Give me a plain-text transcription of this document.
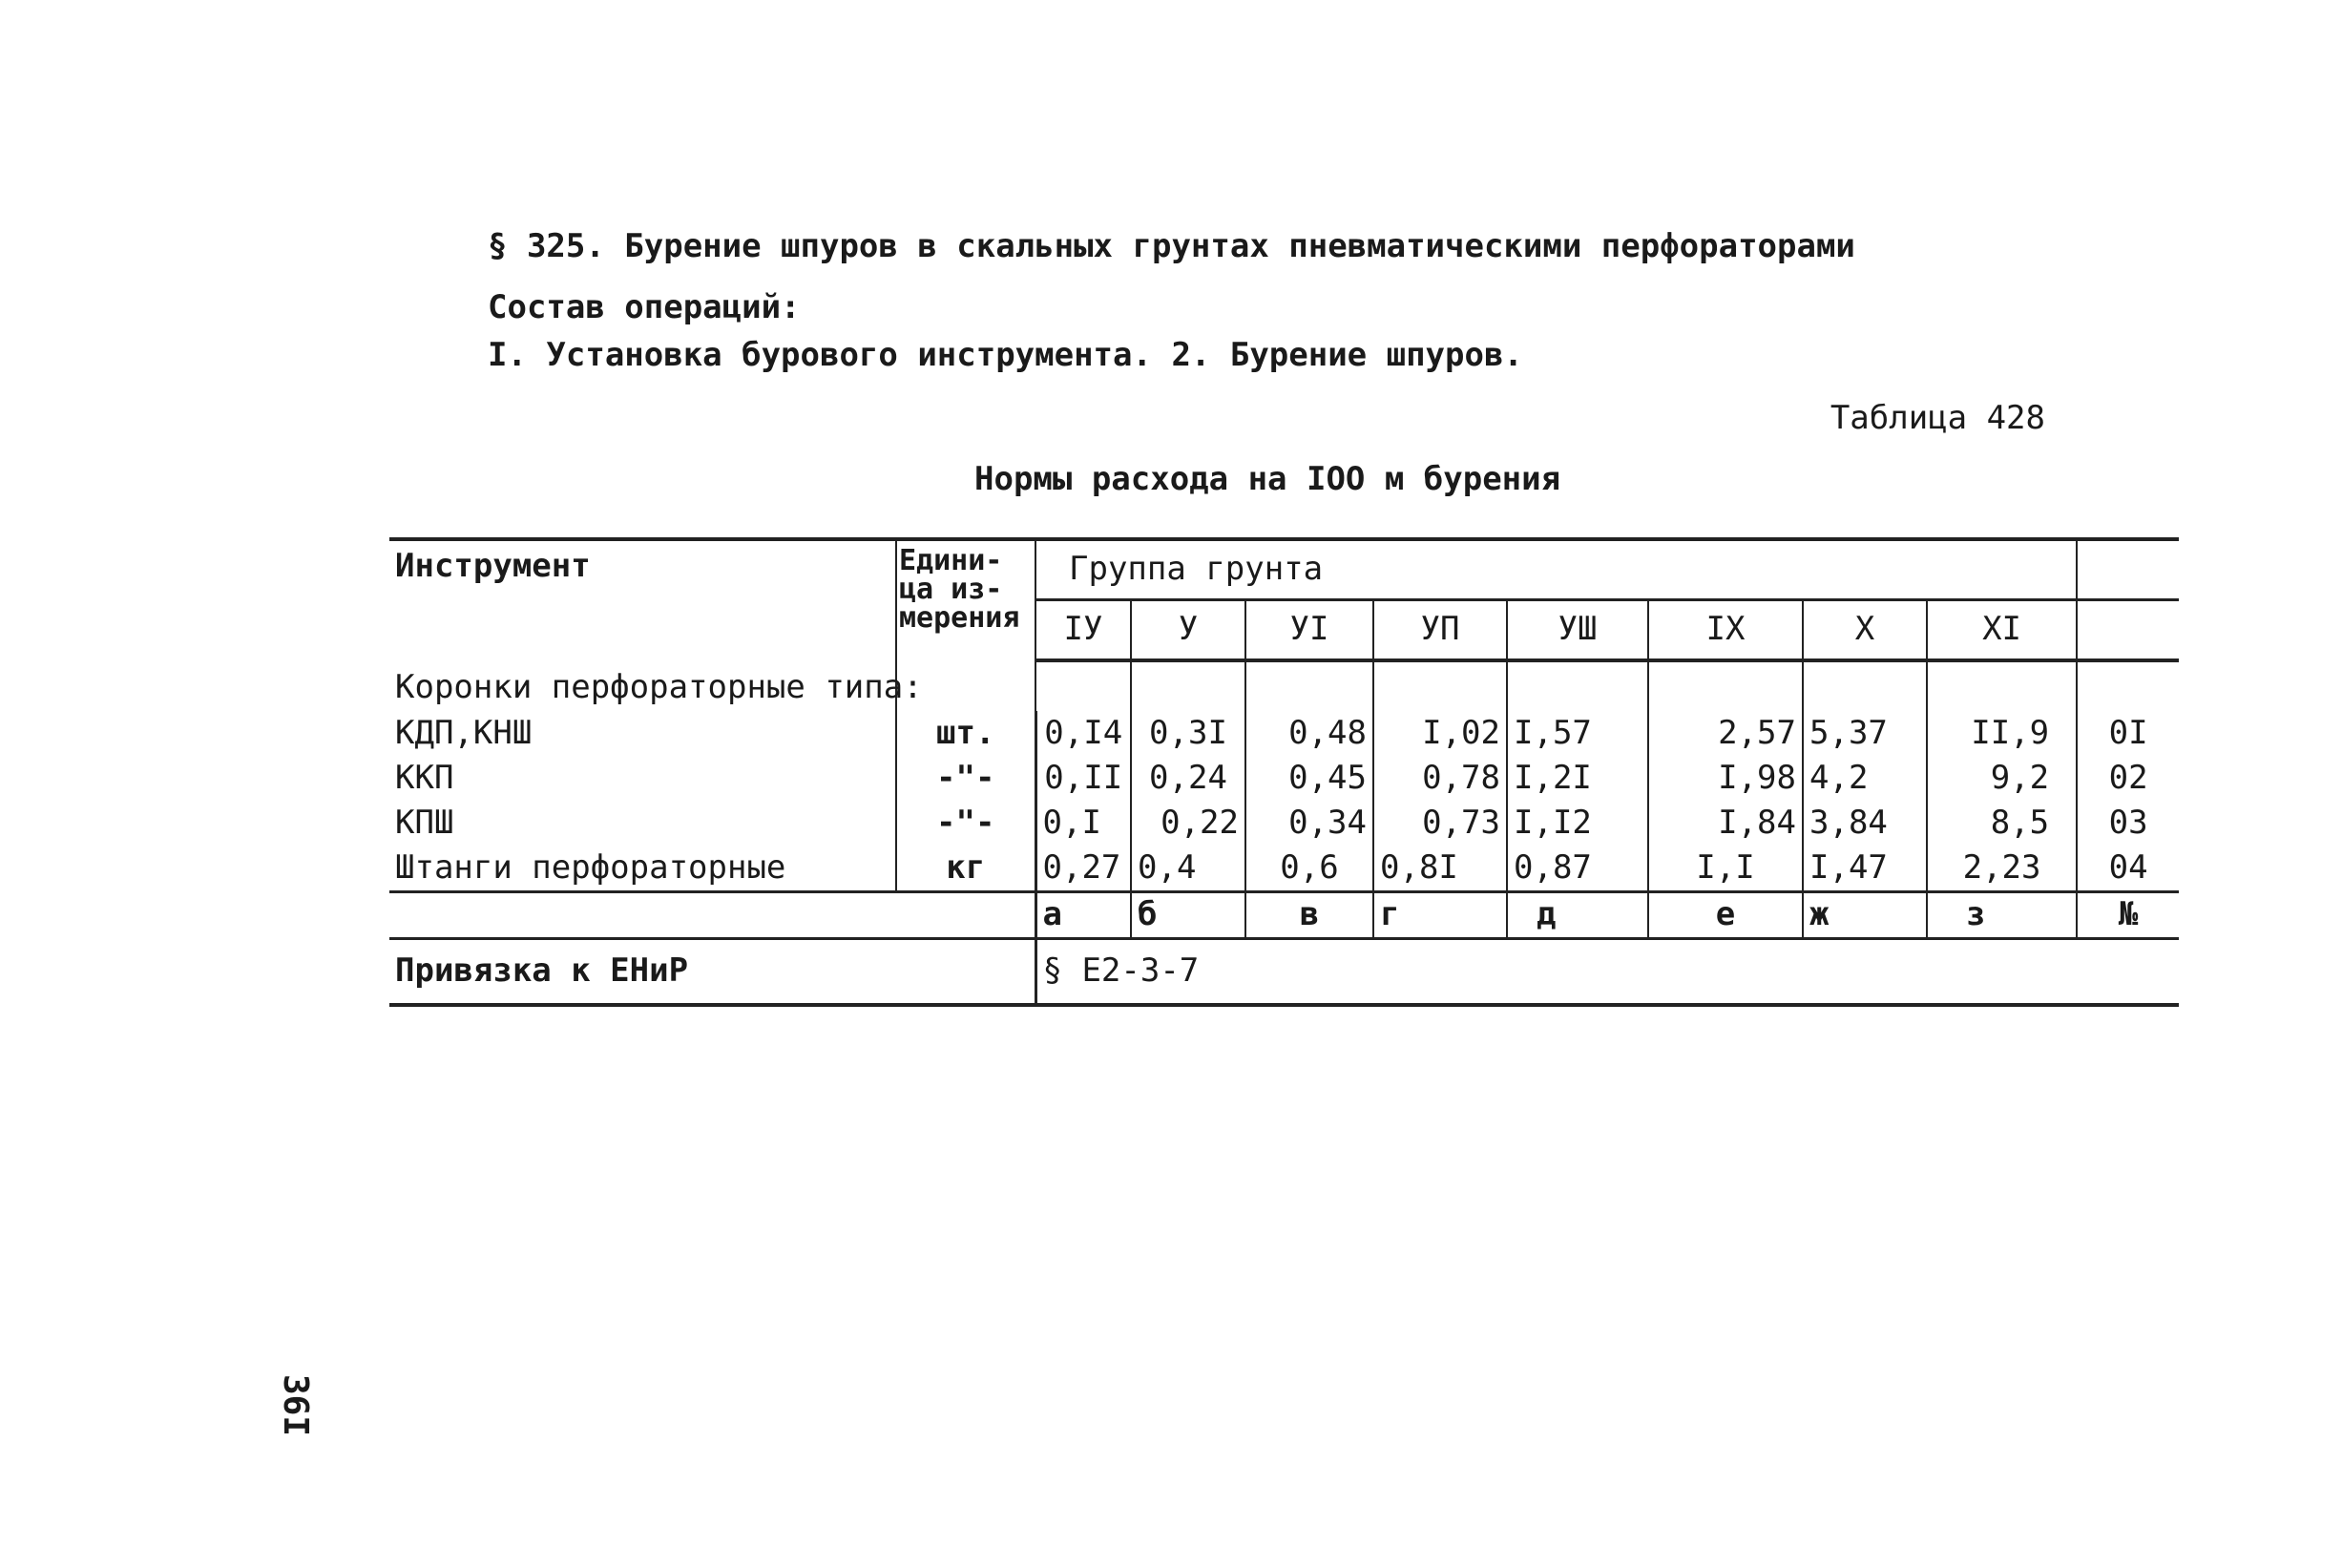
§ 325. Бурение шпуров в скальных грунтах пневматическими перфораторами
Состав операций:
I. Установка бурового инструмента. 2. Бурение шпуров.
Таблица 428
Нормы расхода на IOO м бурения
Инструмент	Едини-
ца из-
мерения	Группа грунта								
		IУ	У	УI	УП	УШ	IX	X	XI	
Коронки перфораторные типа:										
КДП,КНШ	шт.	0,I4	0,3I	0,48	I,02	I,57	2,57	5,37	II,9	0I
ККП	-"-	0,II	0,24	0,45	0,78	I,2I	I,98	4,2	9,2	02
КПШ	-"-	0,I	0,22	0,34	0,73	I,I2	I,84	3,84	8,5	03
Штанги перфораторные	кг	0,27	0,4	0,6	0,8I	0,87	I,I	I,47	2,23	04
		а	б	в	г	д	е	ж	з	№
Привязка к ЕНиР		§ Е2-3-7								
36I
